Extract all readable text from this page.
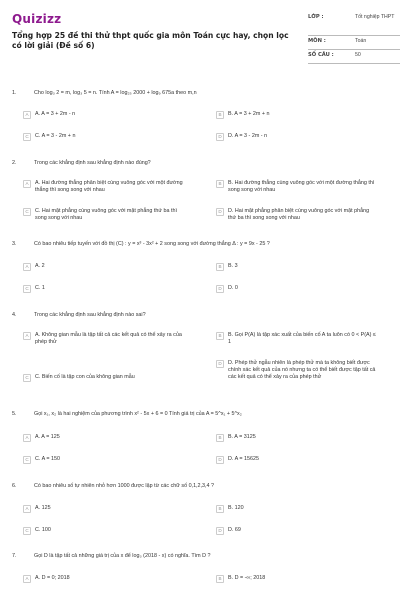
Quizizz
Tổng hợp 25 đề thi thử thpt quốc gia môn Toán cực hay, chọn lọc có lời giải (Đề số 6)
LỚP :	Tốt nghiệp THPT
MÔN :	Toán
SỐ CÂU :	50
1.	Cho log₃ 2 = m, log₃ 5 = n. Tính A = log₂₅ 2000 + log₉ 675a theo m,n
A	A. A = 3 + 2m - n	B	B. A = 3 + 2m + n
C	C. A = 3 - 2m + n	D	D. A = 3 - 2m - n
2.	Trong các khẳng định sau khẳng định nào đúng?
A	A. Hai đường thẳng phân biệt cùng vuông góc với một đường thẳng thì song song với nhau
B	B. Hai đường thẳng cùng vuông góc với một đường thẳng thì song song với nhau
C	C. Hai mặt phẳng cùng vuông góc với mặt phẳng thứ ba thì song song với nhau
D	D. Hai mặt phẳng phân biệt cùng vuông góc với mặt phẳng thứ ba thì song song với nhau
3.	Có bao nhiêu tiếp tuyến với đồ thị (C) : y = x³ - 3x² + 2 song song với đường thẳng Δ : y = 9x - 25 ?
A	A. 2	B	B. 3
C	C. 1	D	D. 0
4.	Trong các khẳng định sau khẳng định nào sai?
A	A. Không gian mẫu là tập tất cả các kết quả có thể xảy ra của phép thử
B	B. Gọi P(A) là tập xác xuất của biến cố A ta luôn có 0 < P(A) ≤ 1
C	C. Biến cố là tập con của không gian mẫu
D	D. Phép thử ngẫu nhiên là phép thử mà ta không biết được chính xác kết quả của nó nhưng ta có thể biết được tập tất cả các kết quả có thể xảy ra của phép thử
5.	Gọi x₁, x₂ là hai nghiệm của phương trình x² - 5x + 6 = 0 Tính giá trị của A = 5^x₁ + 5^x₂
A	A. A = 125	B	B. A = 3125
C	C. A = 150	D	D. A = 15625
6.	Có bao nhiêu số tự nhiên nhỏ hơn 1000 được lập từ các chữ số 0,1,2,3,4 ?
A	A. 125	B	B. 120
C	C. 100	D	D. 69
7.	Gọi D là tập tất cả những giá trị của x để log₃ (2018 - x) có nghĩa. Tìm D ?
A	A. D = 0; 2018	B	B. D = -∞; 2018
